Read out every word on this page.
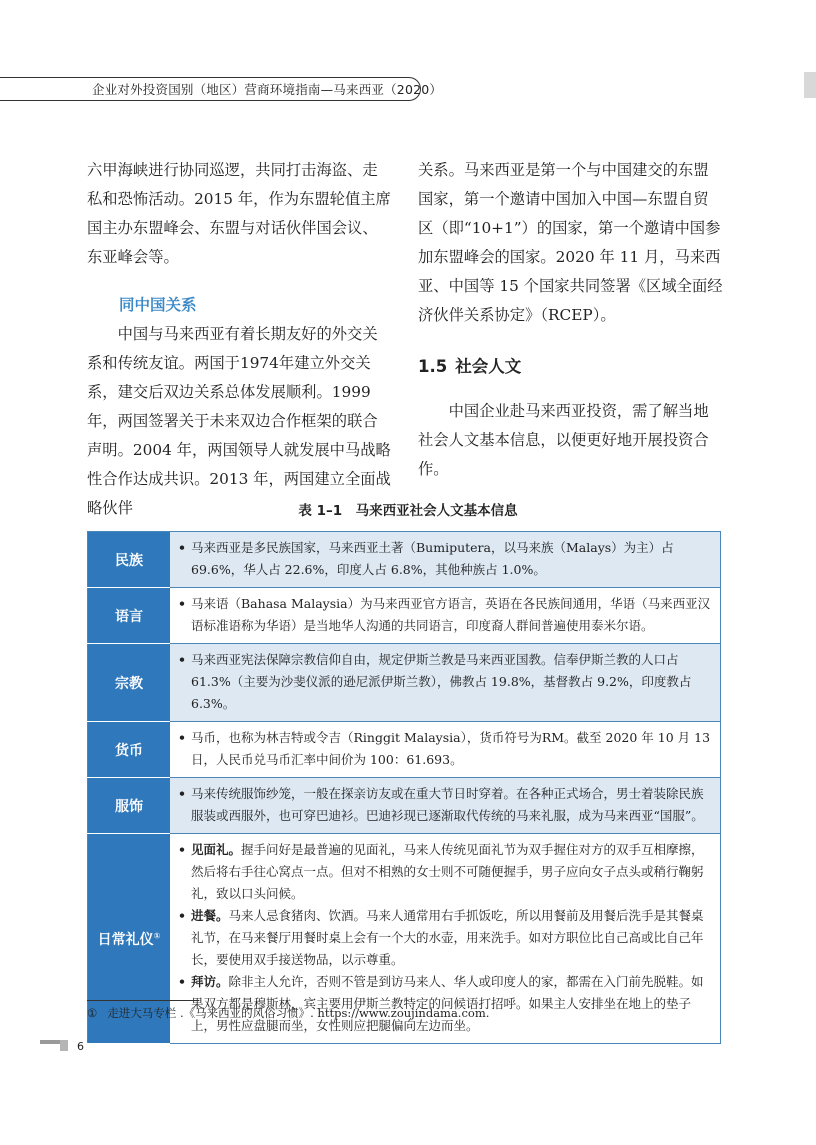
企业对外投资国别（地区）营商环境指南—马来西亚（2020）

六甲海峡进行协同巡逻，共同打击海盗、走私和恐怖活动。2015 年，作为东盟轮值主席国主办东盟峰会、东盟与对话伙伴国会议、东亚峰会等。

同中国关系

中国与马来西亚有着长期友好的外交关系和传统友谊。两国于1974年建立外交关系，建交后双边关系总体发展顺利。1999 年，两国签署关于未来双边合作框架的联合声明。2004 年，两国领导人就发展中马战略性合作达成共识。2013 年，两国建立全面战略伙伴

关系。马来西亚是第一个与中国建交的东盟国家，第一个邀请中国加入中国—东盟自贸区（即“10+1”）的国家，第一个邀请中国参加东盟峰会的国家。2020 年 11 月，马来西亚、中国等 15 个国家共同签署《区域全面经济伙伴关系协定》（RCEP）。

1.5 社会人文

中国企业赴马来西亚投资，需了解当地社会人文基本信息，以便更好地开展投资合作。

表 1–1　马来西亚社会人文基本信息
民族	• 马来西亚是多民族国家，马来西亚土著（Bumiputera，以马来族（Malays）为主）占69.6%，华人占 22.6%，印度人占 6.8%，其他种族占 1.0%。

语言	• 马来语（Bahasa Malaysia）为马来西亚官方语言，英语在各民族间通用，华语（马来西亚汉语标准语称为华语）是当地华人沟通的共同语言，印度裔人群间普遍使用泰米尔语。

宗教	• 马来西亚宪法保障宗教信仰自由，规定伊斯兰教是马来西亚国教。信奉伊斯兰教的人口占61.3%（主要为沙斐仪派的逊尼派伊斯兰教），佛教占 19.8%，基督教占 9.2%，印度教占 6.3%。

货币	• 马币，也称为林吉特或令吉（Ringgit Malaysia），货币符号为RM。截至 2020 年 10 月 13 日，人民币兑马币汇率中间价为 100：61.693。

服饰	• 马来传统服饰纱笼，一般在探亲访友或在重大节日时穿着。在各种正式场合，男士着装除民族服装或西服外，也可穿巴迪衫。巴迪衫现已逐渐取代传统的马来礼服，成为马来西亚“国服”。

日常礼仪①	• 见面礼。握手问好是最普遍的见面礼，马来人传统见面礼节为双手握住对方的双手互相摩擦，然后将右手往心窝点一点。但对不相熟的女士则不可随便握手，男子应向女子点头或稍行鞠躬礼，致以口头问候。
• 进餐。马来人忌食猪肉、饮酒。马来人通常用右手抓饭吃，所以用餐前及用餐后洗手是其餐桌礼节，在马来餐厅用餐时桌上会有一个大的水壶，用来洗手。如对方职位比自己高或比自己年长，要使用双手接送物品，以示尊重。
• 拜访。除非主人允许，否则不管是到访马来人、华人或印度人的家，都需在入门前先脱鞋。如果双方都是穆斯林，宾主要用伊斯兰教特定的问候语打招呼。如果主人安排坐在地上的垫子上，男性应盘腿而坐，女性则应把腿偏向左边而坐。
① 走进大马专栏 .《马来西亚的风俗习惯》. https://www.zoujindama.com.
6
